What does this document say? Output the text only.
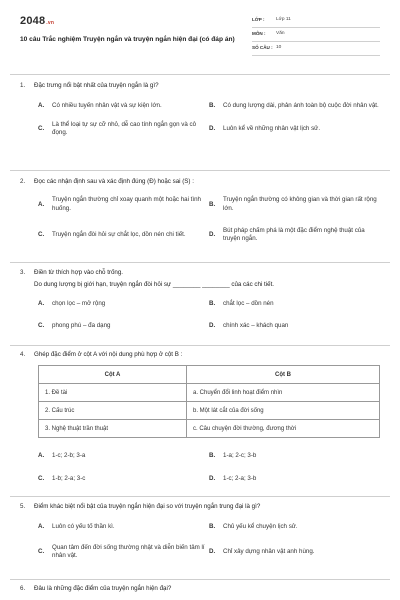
2048.vn
10 câu Trắc nghiệm Truyện ngắn và truyện ngắn hiện đại (có đáp án)
LỚP :	Lớp 11
MÔN :	Văn
SỐ CÂU : 10
1.	Đặc trưng nổi bật nhất của truyện ngắn là gì?
A.	Có nhiều tuyến nhân vật và sự kiện lớn.	B.	Có dung lượng dài, phản ánh toàn bộ cuộc đời nhân vật.
C.
Là thể loại tự sự cỡ nhỏ, dễ cao tính ngắn gọn và cô đọng.
D.	Luôn kể về những nhân vật lịch sử.
2.	Đọc các nhận định sau và xác định đúng (Đ) hoặc sai (S) :
A.
Truyện ngắn thường chỉ xoay quanh một hoặc hai tình huống.
B.
Truyện ngắn thường có không gian và thời gian rất rộng lớn.
C.	Truyện ngắn đòi hỏi sự chắt lọc, dồn nén chi tiết.	D.
Bút pháp chấm phá là một đặc điểm nghệ thuật của truyện ngắn.
3.	Điền từ thích hợp vào chỗ trống.
Do dung lượng bị giới hạn, truyện ngắn đòi hỏi sự ________ ________ của các chi tiết.
A.	chọn lọc – mở rộng	B.	chắt lọc – dồn nén
C.	phong phú – đa dạng	D.	chính xác – khách quan
4.	Ghép đặc điểm ở cột A với nội dung phù hợp ở cột B :
Cột A	Cột B
1. Đề tài	a. Chuyển đổi linh hoạt điểm nhìn
2. Cấu trúc	b. Một lát cắt của đời sống
3. Nghệ thuật trần thuật	c. Câu chuyện đời thường, đương thời
A.	1-c; 2-b; 3-a	B.	1-a; 2-c; 3-b
C.	1-b; 2-a; 3-c	D.	1-c; 2-a; 3-b
5.	Điểm khác biệt nổi bật của truyện ngắn hiện đại so với truyện ngắn trung đại là gì?
A.	Luôn có yếu tố thần kì.	B.	Chủ yếu kể chuyện lịch sử.
C.
Quan tâm đến đời sống thường nhật và diễn biến tâm lí nhân vật.
D.	Chỉ xây dựng nhân vật anh hùng.
6.	Đâu là những đặc điểm của truyện ngắn hiện đại?
